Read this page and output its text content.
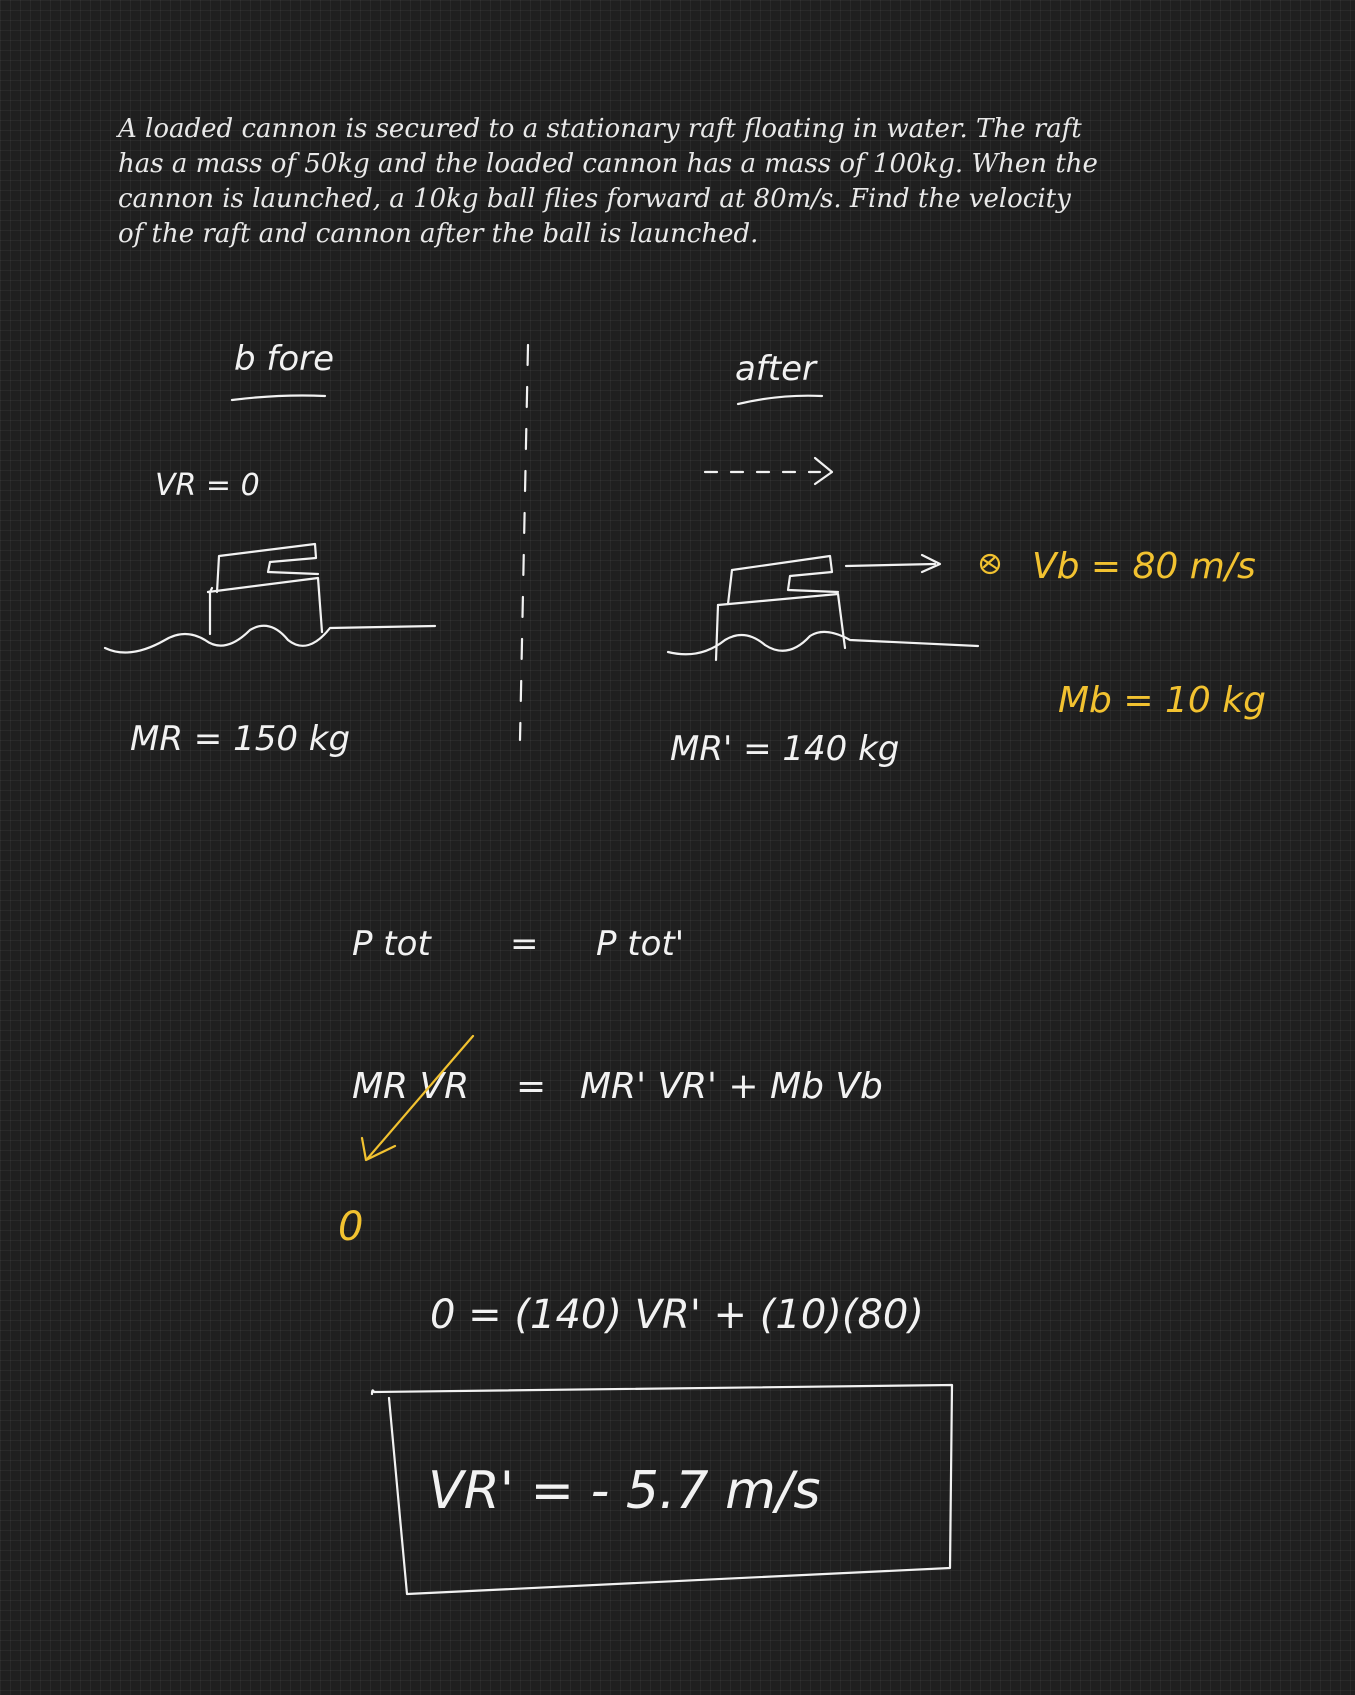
A loaded cannon is secured to a stationary raft floating in water. The raft has a mass of 50kg and the loaded cannon has a mass of 100kg. When the cannon is launched, a 10kg ball flies forward at 80m/s. Find the velocity of the raft and cannon after the ball is launched.

b fore
VR = 0
MR = 150 kg
after
Vb = 80 m/s
Mb = 10 kg
MR' = 140 kg
P tot = P tot'
MR VR = MR' VR' + Mb Vb
0
0 = (140) VR' + (10)(80)
VR' = - 5.7 m/s
